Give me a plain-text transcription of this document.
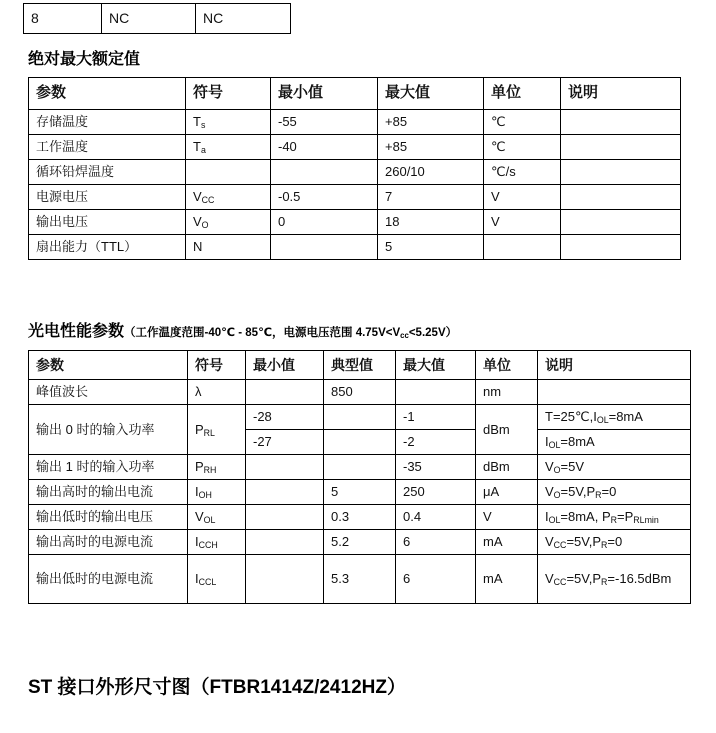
8	NC	NC
绝对最大额定值
参数	符号	最小值	最大值	单位	说明
存储温度	$T_s$	-55	+85	℃	
工作温度	$T_a$	-40	+85	℃	
循环铅焊温度			260/10	℃/s	
电源电压	$V_{CC}$	-0.5	7	V	
输出电压	$V_O$	0	18	V	
扇出能力（TTL）	N		5		
光电性能参数（工作温度范围-40℃ - 85℃，电源电压范围 $4.75V<V_{cc}<5.25V$）
参数	符号	最小值	典型值	最大值	单位	说明
峰值波长	λ		850		nm	
输出 0 时的输入功率	$P_{RL}$	-28		-1	dBm	$T=25℃,I_{OL}=8mA$
		-27		-2		$I_{OL}=8mA$
输出 1 时的输入功率	$P_{RH}$			-35	dBm	$V_O=5V$
输出高时的输出电流	$I_{OH}$		5	250	μA	$V_O=5V,P_R=0$
输出低时的输出电压	$V_{OL}$		0.3	0.4	V	$I_{OL}=8mA$, $P_R=P_{RLmin}$
输出高时的电源电流	$I_{CCH}$		5.2	6	mA	$V_{CC}=5V,P_R=0$
输出低时的电源电流	$I_{CCL}$		5.3	6	mA	$V_{CC}=5V,P_R=-16.5dBm$
ST 接口外形尺寸图（FTBR1414Z/2412HZ）
